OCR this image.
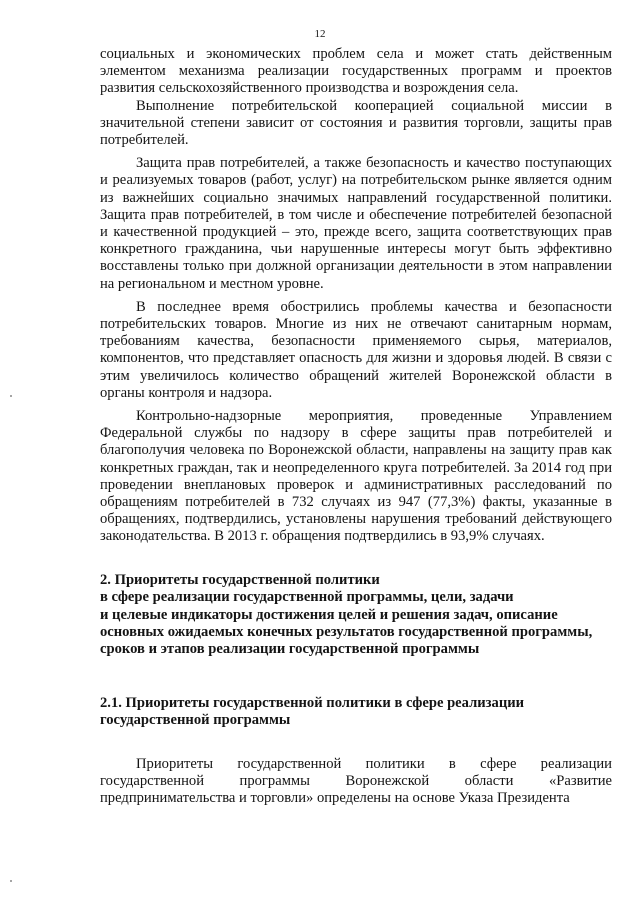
12

социальных и экономических проблем села и может стать действенным элементом механизма реализации государственных программ и проектов развития сельскохозяйственного производства и возрождения села.

Выполнение потребительской кооперацией социальной миссии в значительной степени зависит от состояния и развития торговли, защиты прав потребителей.

Защита прав потребителей, а также безопасность и качество поступающих и реализуемых товаров (работ, услуг) на потребительском рынке является одним из важнейших социально значимых направлений государственной политики. Защита прав потребителей, в том числе и обеспечение потребителей безопасной и качественной продукцией – это, прежде всего, защита соответствующих прав конкретного гражданина, чьи нарушенные интересы могут быть эффективно восставлены только при должной организации деятельности в этом направлении на региональном и местном уровне.

В последнее время обострились проблемы качества и безопасности потребительских товаров. Многие из них не отвечают санитарным нормам, требованиям качества, безопасности применяемого сырья, материалов, компонентов, что представляет опасность для жизни и здоровья людей. В связи с этим увеличилось количество обращений жителей Воронежской области в органы контроля и надзора.

Контрольно-надзорные мероприятия, проведенные Управлением Федеральной службы по надзору в сфере защиты прав потребителей и благополучия человека по Воронежской области, направлены на защиту прав как конкретных граждан, так и неопределенного круга потребителей. За 2014 год при проведении внеплановых проверок и административных расследований по обращениям потребителей в 732 случаях из 947 (77,3%) факты, указанные в обращениях, подтвердились, установлены нарушения требований действующего законодательства. В 2013 г. обращения подтвердились в 93,9% случаях.

2. Приоритеты государственной политики

в сфере реализации государственной программы, цели, задачи

и целевые индикаторы достижения целей и решения задач, описание

основных ожидаемых конечных результатов государственной программы,

сроков и этапов реализации государственной программы

2.1. Приоритеты государственной политики в сфере реализации

государственной программы

Приоритеты государственной политики в сфере реализации государственной программы Воронежской области «Развитие предпринимательства и торговли» определены на основе Указа Президента
